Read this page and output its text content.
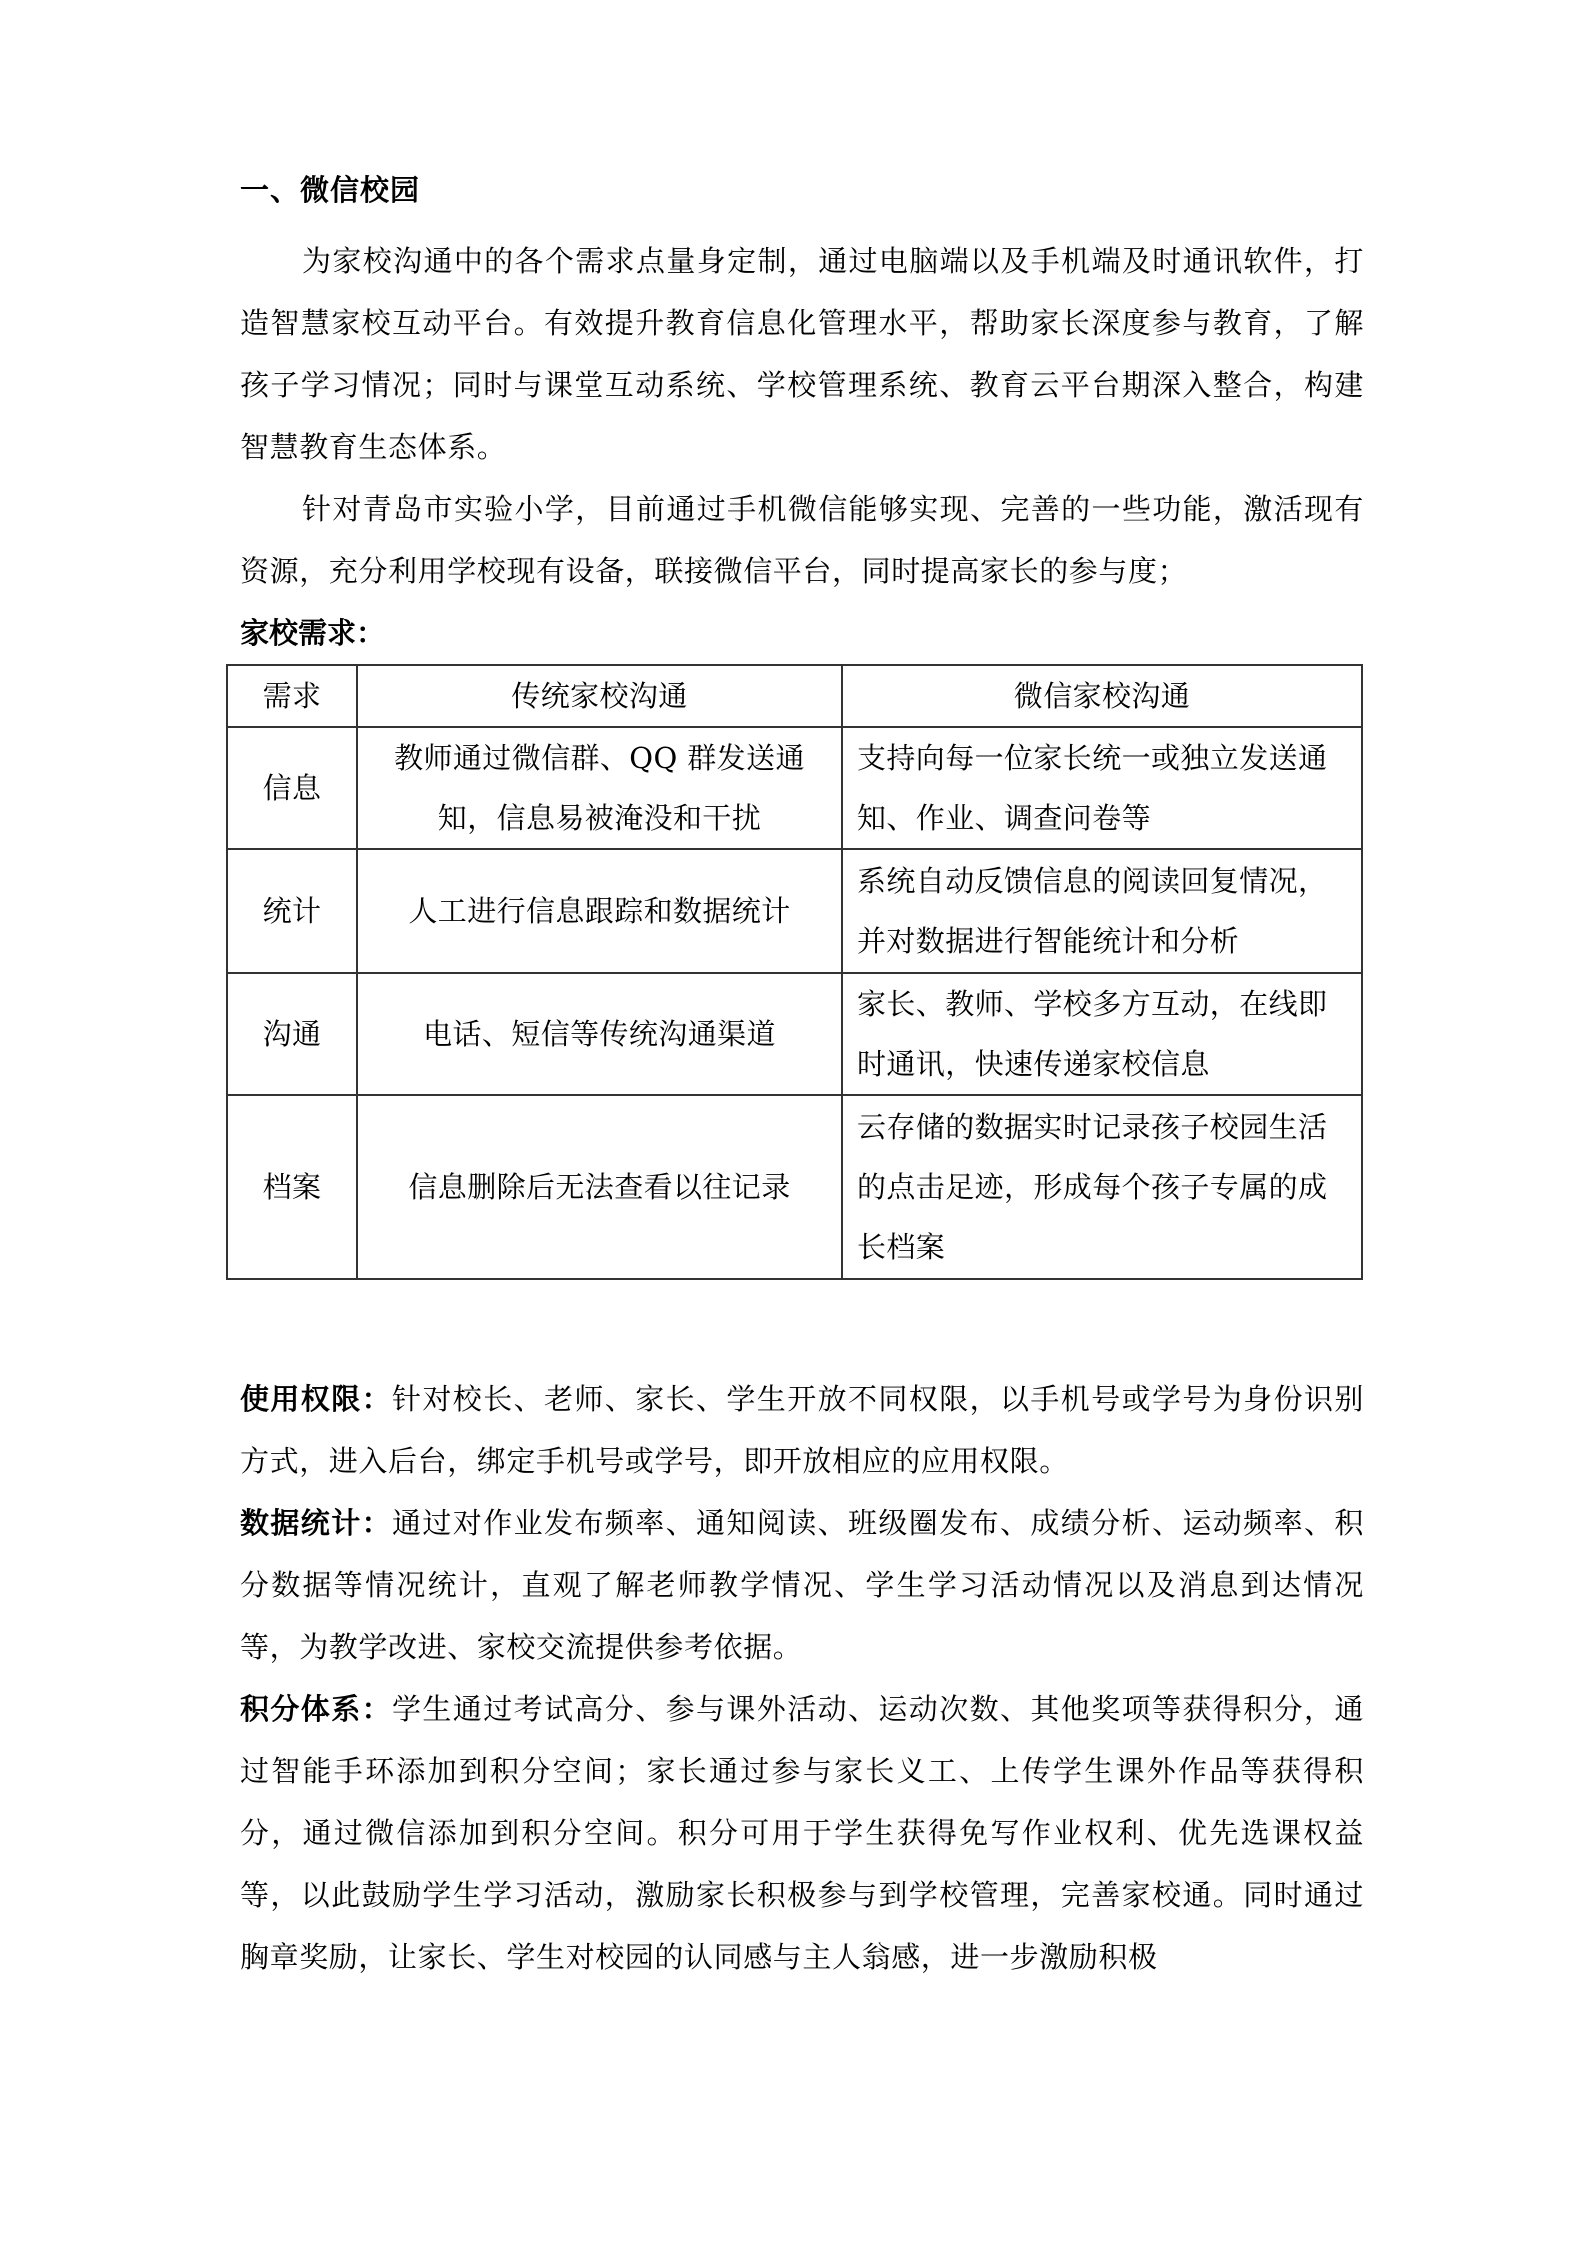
一、微信校园

为家校沟通中的各个需求点量身定制，通过电脑端以及手机端及时通讯软件，打造智慧家校互动平台。有效提升教育信息化管理水平，帮助家长深度参与教育，了解孩子学习情况；同时与课堂互动系统、学校管理系统、教育云平台期深入整合，构建智慧教育生态体系。

针对青岛市实验小学，目前通过手机微信能够实现、完善的一些功能，激活现有资源，充分利用学校现有设备，联接微信平台，同时提高家长的参与度；

家校需求：

需求	传统家校沟通	微信家校沟通
信息	教师通过微信群、QQ 群发送通知，信息易被淹没和干扰	支持向每一位家长统一或独立发送通知、作业、调查问卷等
统计	人工进行信息跟踪和数据统计	系统自动反馈信息的阅读回复情况，并对数据进行智能统计和分析
沟通	电话、短信等传统沟通渠道	家长、教师、学校多方互动，在线即时通讯，快速传递家校信息
档案	信息删除后无法查看以往记录	云存储的数据实时记录孩子校园生活的点击足迹，形成每个孩子专属的成长档案

使用权限：针对校长、老师、家长、学生开放不同权限，以手机号或学号为身份识别方式，进入后台，绑定手机号或学号，即开放相应的应用权限。

数据统计：通过对作业发布频率、通知阅读、班级圈发布、成绩分析、运动频率、积分数据等情况统计，直观了解老师教学情况、学生学习活动情况以及消息到达情况等，为教学改进、家校交流提供参考依据。

积分体系：学生通过考试高分、参与课外活动、运动次数、其他奖项等获得积分，通过智能手环添加到积分空间；家长通过参与家长义工、上传学生课外作品等获得积分，通过微信添加到积分空间。积分可用于学生获得免写作业权利、优先选课权益等，以此鼓励学生学习活动，激励家长积极参与到学校管理，完善家校通。同时通过胸章奖励，让家长、学生对校园的认同感与主人翁感，进一步激励积极
